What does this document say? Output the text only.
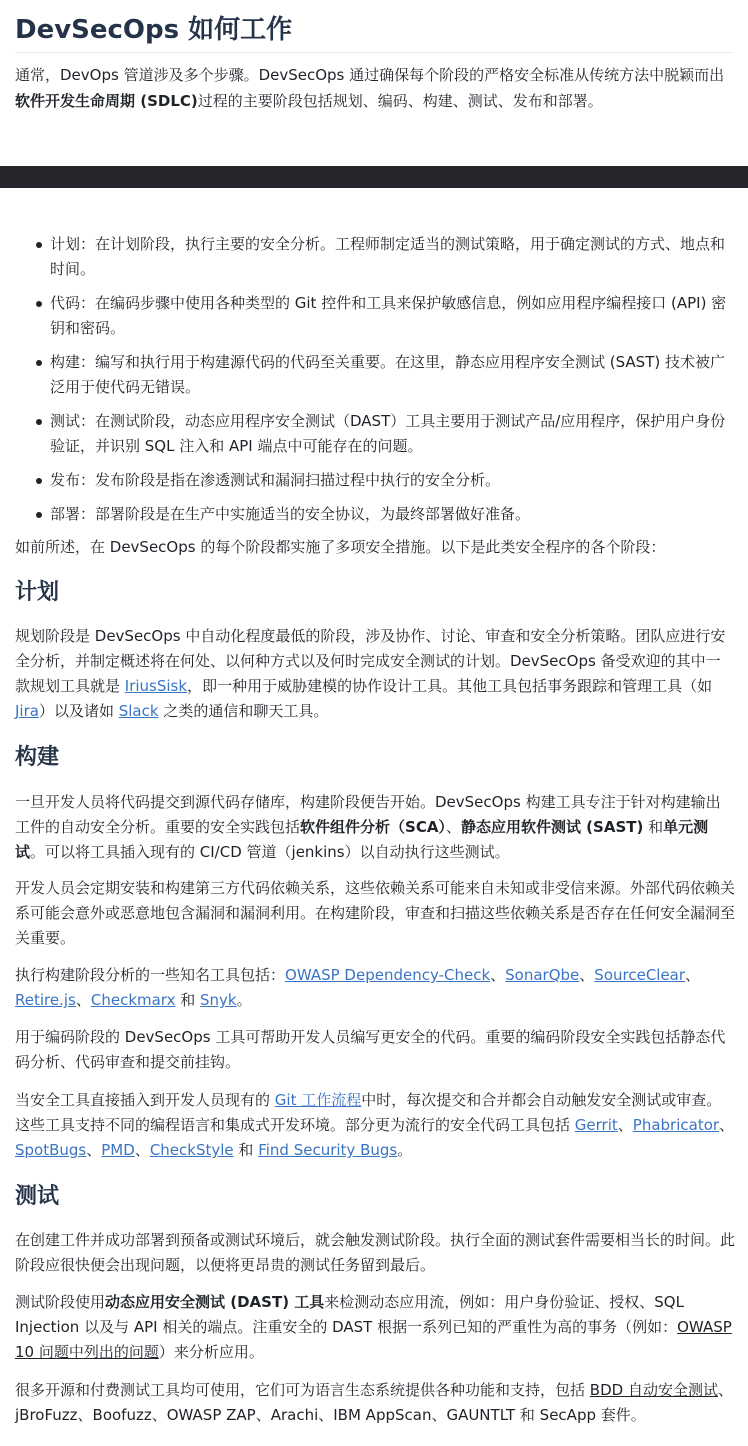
DevSecOps 如何工作

通常，DevOps 管道涉及多个步骤。DevSecOps 通过确保每个阶段的严格安全标准从传统方法中脱颖而出软件开发生命周期 (SDLC)过程的主要阶段包括规划、编码、构建、测试、发布和部署。

计划：在计划阶段，执行主要的安全分析。工程师制定适当的测试策略，用于确定测试的方式、地点和时间。
代码：在编码步骤中使用各种类型的 Git 控件和工具来保护敏感信息，例如应用程序编程接口 (API) 密钥和密码。
构建：编写和执行用于构建源代码的代码至关重要。在这里，静态应用程序安全测试 (SAST) 技术被广泛用于使代码无错误。
测试：在测试阶段，动态应用程序安全测试（DAST）工具主要用于测试产品/应用程序，保护用户身份验证，并识别 SQL 注入和 API 端点中可能存在的问题。
发布：发布阶段是指在渗透测试和漏洞扫描过程中执行的安全分析。
部署：部署阶段是在生产中实施适当的安全协议，为最终部署做好准备。

如前所述，在 DevSecOps 的每个阶段都实施了多项安全措施。以下是此类安全程序的各个阶段：

计划

规划阶段是 DevSecOps 中自动化程度最低的阶段，涉及协作、讨论、审查和安全分析策略。团队应进行安全分析，并制定概述将在何处、以何种方式以及何时完成安全测试的计划。DevSecOps 备受欢迎的其中一款规划工具就是 IriusSisk，即一种用于威胁建模的协作设计工具。其他工具包括事务跟踪和管理工具（如 Jira）以及诸如 Slack 之类的通信和聊天工具。

构建

一旦开发人员将代码提交到源代码存储库，构建阶段便告开始。DevSecOps 构建工具专注于针对构建输出工件的自动安全分析。重要的安全实践包括软件组件分析（SCA）、静态应用软件测试 (SAST) 和单元测试。可以将工具插入现有的 CI/CD 管道（jenkins）以自动执行这些测试。

开发人员会定期安装和构建第三方代码依赖关系，这些依赖关系可能来自未知或非受信来源。外部代码依赖关系可能会意外或恶意地包含漏洞和漏洞利用。在构建阶段，审查和扫描这些依赖关系是否存在任何安全漏洞至关重要。

执行构建阶段分析的一些知名工具包括：OWASP Dependency-Check、SonarQbe、SourceClear、Retire.js、Checkmarx 和 Snyk。

用于编码阶段的 DevSecOps 工具可帮助开发人员编写更安全的代码。重要的编码阶段安全实践包括静态代码分析、代码审查和提交前挂钩。

当安全工具直接插入到开发人员现有的 Git 工作流程中时，每次提交和合并都会自动触发安全测试或审查。这些工具支持不同的编程语言和集成式开发环境。部分更为流行的安全代码工具包括 Gerrit、Phabricator、SpotBugs、PMD、CheckStyle 和 Find Security Bugs。

测试

在创建工件并成功部署到预备或测试环境后，就会触发测试阶段。执行全面的测试套件需要相当长的时间。此阶段应很快便会出现问题，以便将更昂贵的测试任务留到最后。

测试阶段使用动态应用安全测试 (DAST) 工具来检测动态应用流，例如：用户身份验证、授权、SQL Injection 以及与 API 相关的端点。注重安全的 DAST 根据一系列已知的严重性为高的事务（例如：OWASP 10 问题中列出的问题）来分析应用。

很多开源和付费测试工具均可使用，它们可为语言生态系统提供各种功能和支持，包括 BDD 自动安全测试、jBroFuzz、Boofuzz、OWASP ZAP、Arachi、IBM AppScan、GAUNTLT 和 SecApp 套件。
